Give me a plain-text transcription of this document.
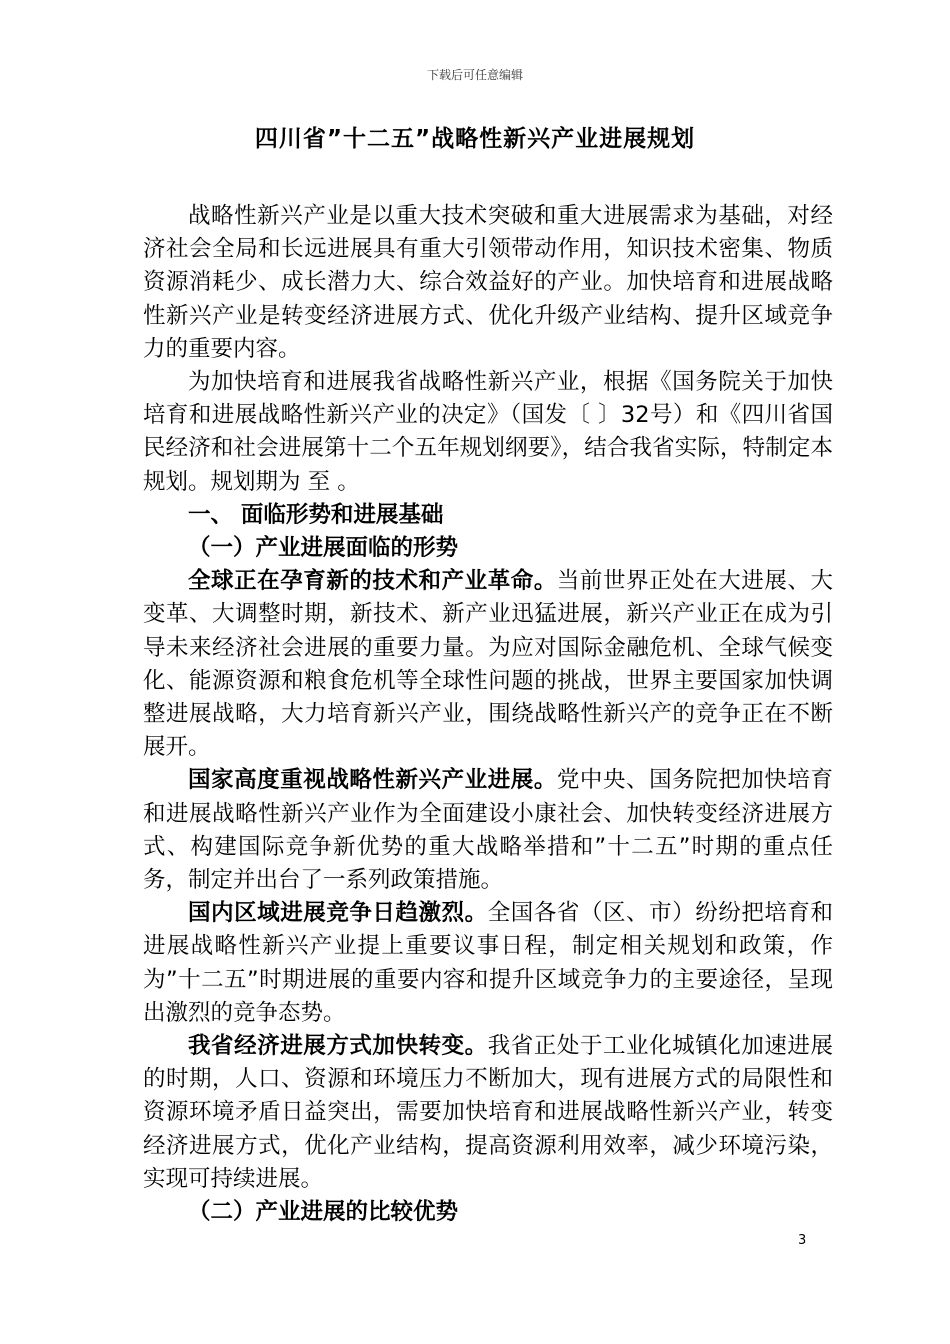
下载后可任意编辑
四川省”十二五”战略性新兴产业进展规划

战略性新兴产业是以重大技术突破和重大进展需求为基础，对经济社会全局和长远进展具有重大引领带动作用，知识技术密集、物质资源消耗少、成长潜力大、综合效益好的产业。加快培育和进展战略性新兴产业是转变经济进展方式、优化升级产业结构、提升区域竞争力的重要内容。

为加快培育和进展我省战略性新兴产业，根据《国务院关于加快培育和进展战略性新兴产业的决定》（国发〔 〕32号）和《四川省国民经济和社会进展第十二个五年规划纲要》，结合我省实际，特制定本规划。规划期为 至 。

一、 面临形势和进展基础

（一）产业进展面临的形势

全球正在孕育新的技术和产业革命。当前世界正处在大进展、大变革、大调整时期，新技术、新产业迅猛进展，新兴产业正在成为引导未来经济社会进展的重要力量。为应对国际金融危机、全球气候变化、能源资源和粮食危机等全球性问题的挑战，世界主要国家加快调整进展战略，大力培育新兴产业，围绕战略性新兴产的竞争正在不断展开。

国家高度重视战略性新兴产业进展。党中央、国务院把加快培育和进展战略性新兴产业作为全面建设小康社会、加快转变经济进展方式、构建国际竞争新优势的重大战略举措和”十二五”时期的重点任务，制定并出台了一系列政策措施。

国内区域进展竞争日趋激烈。全国各省（区、市）纷纷把培育和进展战略性新兴产业提上重要议事日程，制定相关规划和政策，作为”十二五”时期进展的重要内容和提升区域竞争力的主要途径，呈现出激烈的竞争态势。

我省经济进展方式加快转变。我省正处于工业化城镇化加速进展的时期，人口、资源和环境压力不断加大，现有进展方式的局限性和资源环境矛盾日益突出，需要加快培育和进展战略性新兴产业，转变经济进展方式，优化产业结构，提高资源利用效率，减少环境污染，实现可持续进展。

（二）产业进展的比较优势

3
